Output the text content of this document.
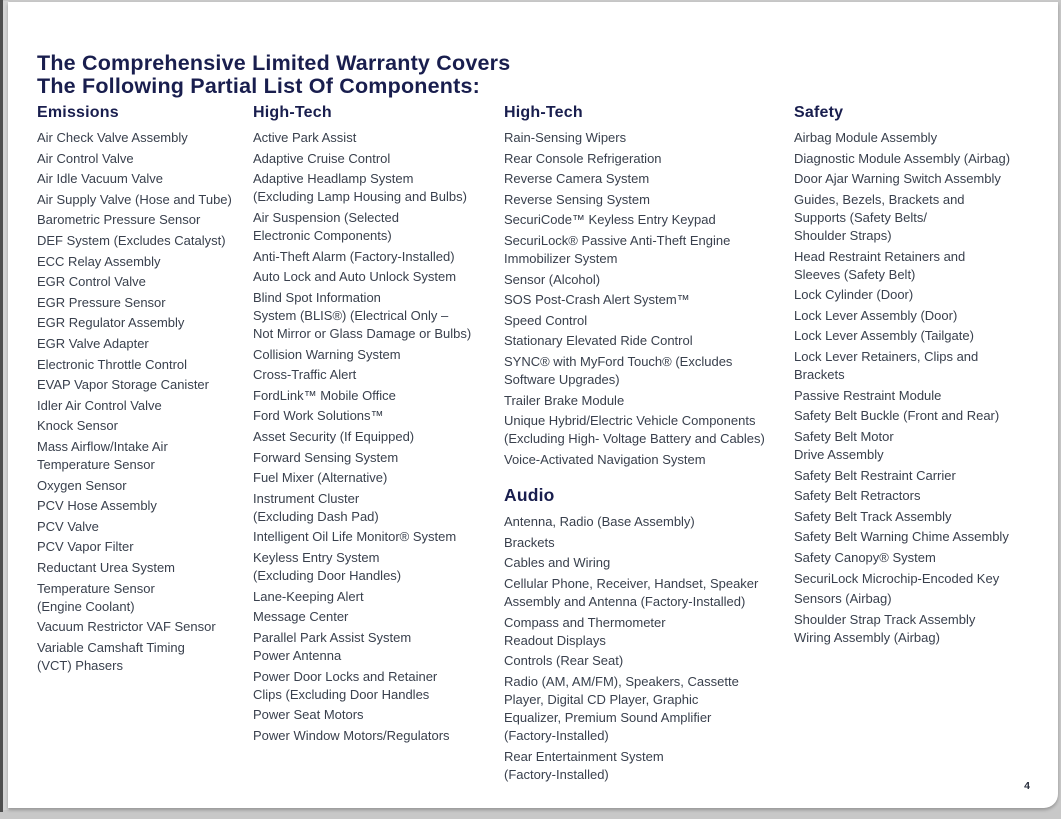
The Comprehensive Limited Warranty Covers
The Following Partial List Of Components:
Emissions
Air Check Valve Assembly
Air Control Valve
Air Idle Vacuum Valve
Air Supply Valve (Hose and Tube)
Barometric Pressure Sensor
DEF System (Excludes Catalyst)
ECC Relay Assembly
EGR Control Valve
EGR Pressure Sensor
EGR Regulator Assembly
EGR Valve Adapter
Electronic Throttle Control
EVAP Vapor Storage Canister
Idler Air Control Valve
Knock Sensor
Mass Airflow/Intake Air
Temperature Sensor
Oxygen Sensor
PCV Hose Assembly
PCV Valve
PCV Vapor Filter
Reductant Urea System
Temperature Sensor
(Engine Coolant)
Vacuum Restrictor VAF Sensor
Variable Camshaft Timing
(VCT) Phasers
High-Tech
Active Park Assist
Adaptive Cruise Control
Adaptive Headlamp System
(Excluding Lamp Housing and Bulbs)
Air Suspension (Selected
Electronic Components)
Anti-Theft Alarm (Factory-Installed)
Auto Lock and Auto Unlock System
Blind Spot Information
System (BLIS®) (Electrical Only –
Not Mirror or Glass Damage or Bulbs)
Collision Warning System
Cross-Traffic Alert
FordLink™ Mobile Office
Ford Work Solutions™
Asset Security (If Equipped)
Forward Sensing System
Fuel Mixer (Alternative)
Instrument Cluster
(Excluding Dash Pad)
Intelligent Oil Life Monitor® System
Keyless Entry System
(Excluding Door Handles)
Lane-Keeping Alert
Message Center
Parallel Park Assist System
Power Antenna
Power Door Locks and Retainer
Clips (Excluding Door Handles
Power Seat Motors
Power Window Motors/Regulators
High-Tech
Rain-Sensing Wipers
Rear Console Refrigeration
Reverse Camera System
Reverse Sensing System
SecuriCode™ Keyless Entry Keypad
SecuriLock® Passive Anti-Theft Engine
Immobilizer System
Sensor (Alcohol)
SOS Post-Crash Alert System™
Speed Control
Stationary Elevated Ride Control
SYNC® with MyFord Touch® (Excludes
Software Upgrades)
Trailer Brake Module
Unique Hybrid/Electric Vehicle Components
(Excluding High- Voltage Battery and Cables)
Voice-Activated Navigation System
Audio
Antenna, Radio (Base Assembly)
Brackets
Cables and Wiring
Cellular Phone, Receiver, Handset, Speaker
Assembly and Antenna (Factory-Installed)
Compass and Thermometer
Readout Displays
Controls (Rear Seat)
Radio (AM, AM/FM), Speakers, Cassette
Player, Digital CD Player, Graphic
Equalizer, Premium Sound Amplifier
(Factory-Installed)
Rear Entertainment System
(Factory-Installed)
Safety
Airbag Module Assembly
Diagnostic Module Assembly (Airbag)
Door Ajar Warning Switch Assembly
Guides, Bezels, Brackets and
Supports (Safety Belts/
Shoulder Straps)
Head Restraint Retainers and
Sleeves (Safety Belt)
Lock Cylinder (Door)
Lock Lever Assembly (Door)
Lock Lever Assembly (Tailgate)
Lock Lever Retainers, Clips and
Brackets
Passive Restraint Module
Safety Belt Buckle (Front and Rear)
Safety Belt Motor
Drive Assembly
Safety Belt Restraint Carrier
Safety Belt Retractors
Safety Belt Track Assembly
Safety Belt Warning Chime Assembly
Safety Canopy® System
SecuriLock Microchip-Encoded Key
Sensors (Airbag)
Shoulder Strap Track Assembly
Wiring Assembly (Airbag)
4
